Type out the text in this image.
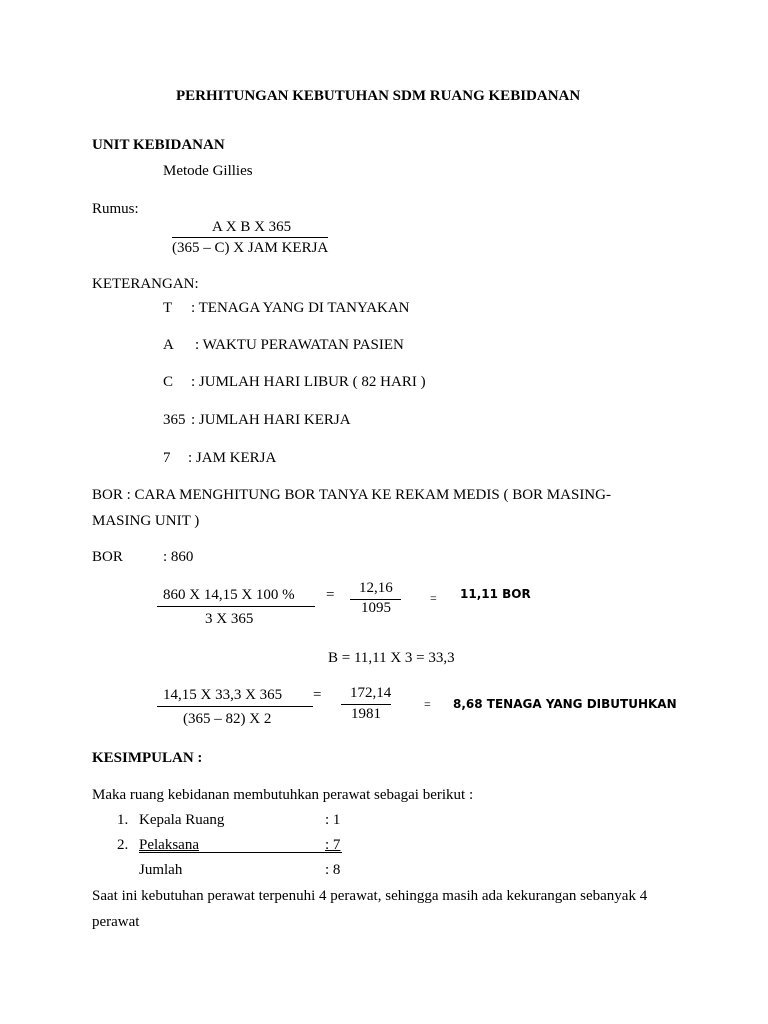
PERHITUNGAN KEBUTUHAN SDM RUANG KEBIDANAN
UNIT KEBIDANAN
Metode Gillies
Rumus:
A X B X 365
(365 – C) X JAM KERJA
KETERANGAN:
T : TENAGA YANG DI TANYAKAN
A : WAKTU PERAWATAN PASIEN
C : JUMLAH HARI LIBUR ( 82 HARI )
365 : JUMLAH HARI KERJA
7 : JAM KERJA
BOR : CARA MENGHITUNG BOR TANYA KE REKAM MEDIS ( BOR MASING-
MASING UNIT )
BOR	: 860
860 X 14,15 X 100 %
3 X 365
= 12,16
1095
= 11,11 BOR
B = 11,11 X 3 = 33,3
14,15 X 33,3 X 365
(365 – 82) X 2
= 172,14
1981
= 8,68 TENAGA YANG DIBUTUHKAN
KESIMPULAN :
Maka ruang kebidanan membutuhkan perawat sebagai berikut :
1. Kepala Ruang	: 1
2. Pelaksana	: 7
Jumlah	: 8
Saat ini kebutuhan perawat terpenuhi 4 perawat, sehingga masih ada kekurangan sebanyak 4
perawat
